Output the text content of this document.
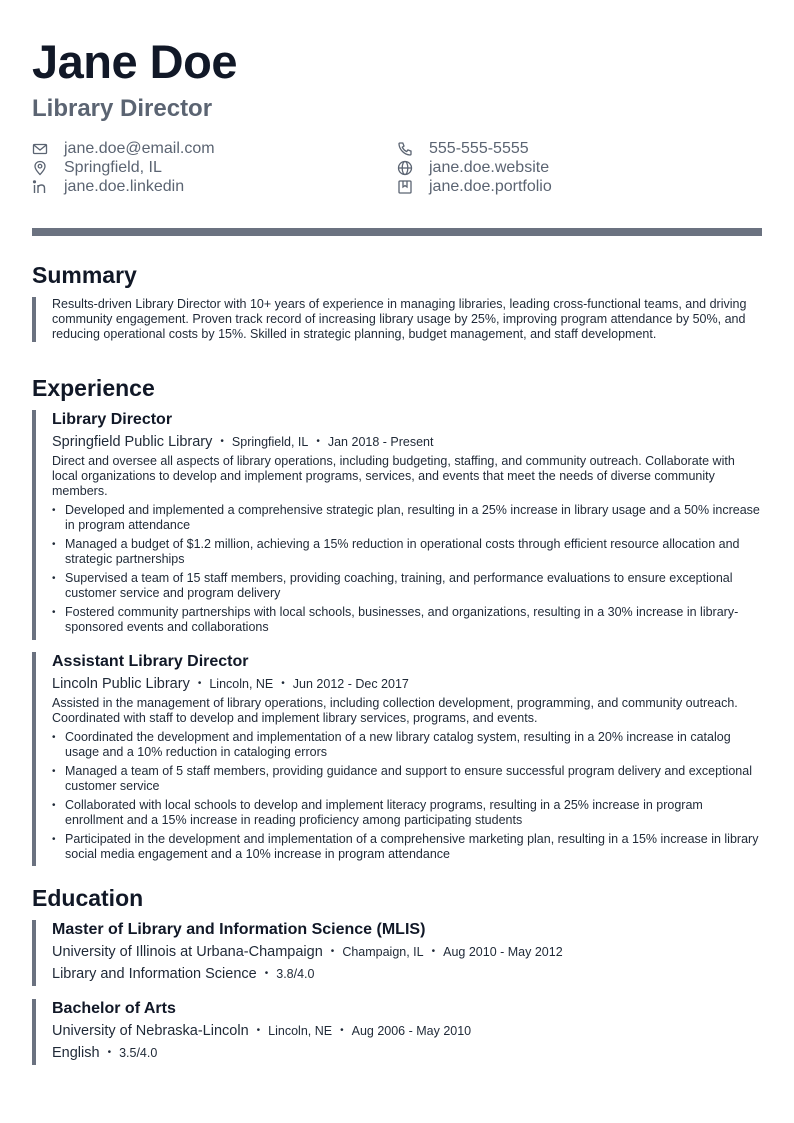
Jane Doe
Library Director
jane.doe@email.com	555-555-5555
Springfield, IL	jane.doe.website
jane.doe.linkedin	jane.doe.portfolio
Summary
Results-driven Library Director with 10+ years of experience in managing libraries, leading cross-functional teams, and driving community engagement. Proven track record of increasing library usage by 25%, improving program attendance by 50%, and reducing operational costs by 15%. Skilled in strategic planning, budget management, and staff development.
Experience
Library Director
Springfield Public Library • Springfield, IL • Jan 2018 - Present
Direct and oversee all aspects of library operations, including budgeting, staffing, and community outreach. Collaborate with local organizations to develop and implement programs, services, and events that meet the needs of diverse community members.
• Developed and implemented a comprehensive strategic plan, resulting in a 25% increase in library usage and a 50% increase in program attendance
• Managed a budget of $1.2 million, achieving a 15% reduction in operational costs through efficient resource allocation and strategic partnerships
• Supervised a team of 15 staff members, providing coaching, training, and performance evaluations to ensure exceptional customer service and program delivery
• Fostered community partnerships with local schools, businesses, and organizations, resulting in a 30% increase in library-sponsored events and collaborations
Assistant Library Director
Lincoln Public Library • Lincoln, NE • Jun 2012 - Dec 2017
Assisted in the management of library operations, including collection development, programming, and community outreach. Coordinated with staff to develop and implement library services, programs, and events.
• Coordinated the development and implementation of a new library catalog system, resulting in a 20% increase in catalog usage and a 10% reduction in cataloging errors
• Managed a team of 5 staff members, providing guidance and support to ensure successful program delivery and exceptional customer service
• Collaborated with local schools to develop and implement literacy programs, resulting in a 25% increase in program enrollment and a 15% increase in reading proficiency among participating students
• Participated in the development and implementation of a comprehensive marketing plan, resulting in a 15% increase in library social media engagement and a 10% increase in program attendance
Education
Master of Library and Information Science (MLIS)
University of Illinois at Urbana-Champaign • Champaign, IL • Aug 2010 - May 2012
Library and Information Science • 3.8/4.0
Bachelor of Arts
University of Nebraska-Lincoln • Lincoln, NE • Aug 2006 - May 2010
English • 3.5/4.0
